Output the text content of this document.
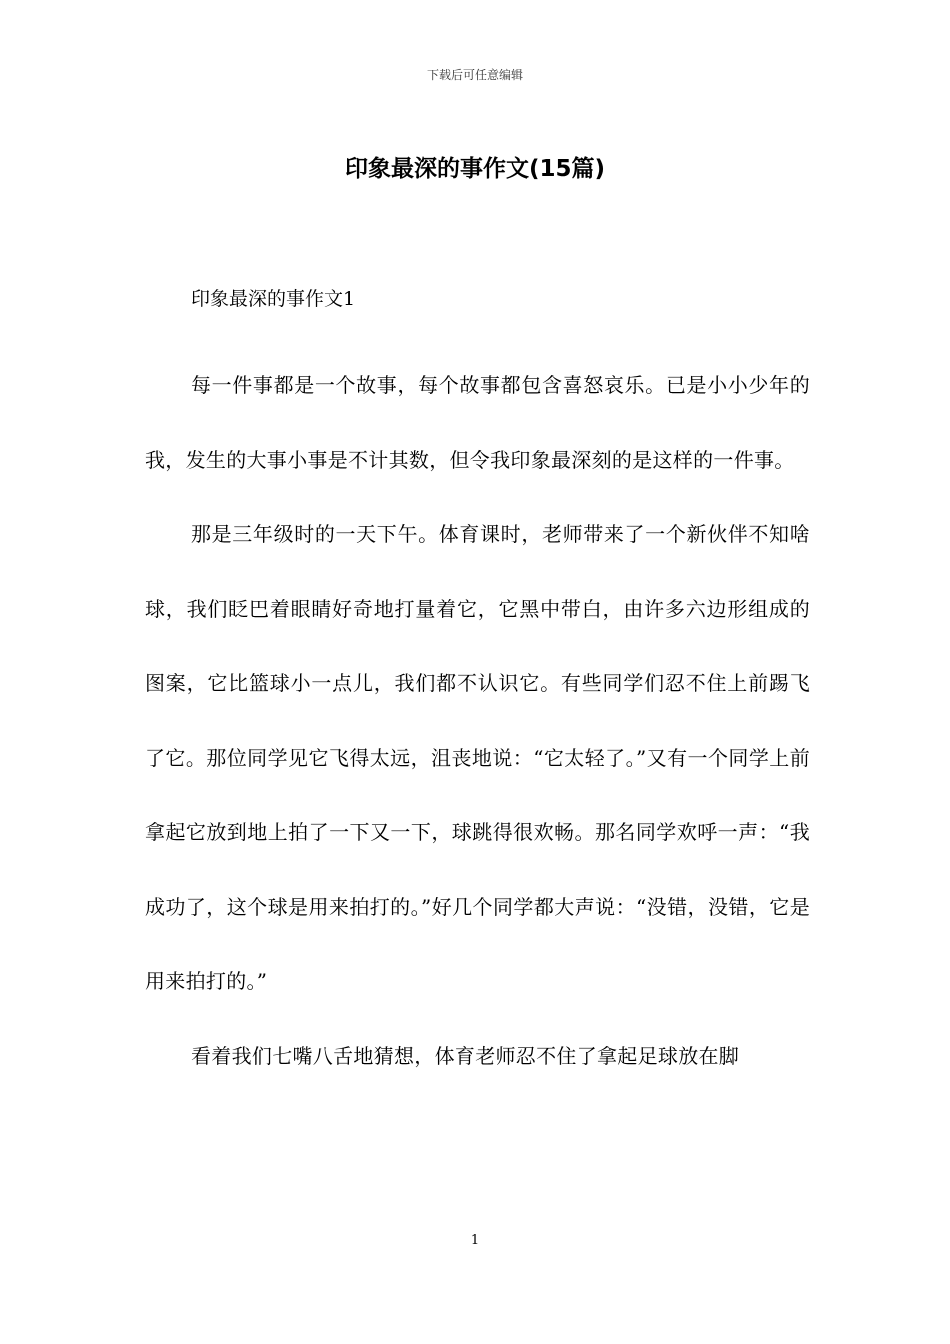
下载后可任意编辑
印象最深的事作文(15篇)
印象最深的事作文1

每一件事都是一个故事，每个故事都包含喜怒哀乐。已是小小少年的我，发生的大事小事是不计其数，但令我印象最深刻的是这样的一件事。

那是三年级时的一天下午。体育课时，老师带来了一个新伙伴不知啥球，我们眨巴着眼睛好奇地打量着它，它黑中带白，由许多六边形组成的图案，它比篮球小一点儿，我们都不认识它。有些同学们忍不住上前踢飞了它。那位同学见它飞得太远，沮丧地说：“它太轻了。”又有一个同学上前拿起它放到地上拍了一下又一下，球跳得很欢畅。那名同学欢呼一声：“我成功了，这个球是用来拍打的。”好几个同学都大声说：“没错，没错，它是用来拍打的。”

看着我们七嘴八舌地猜想，体育老师忍不住了拿起足球放在脚

1
